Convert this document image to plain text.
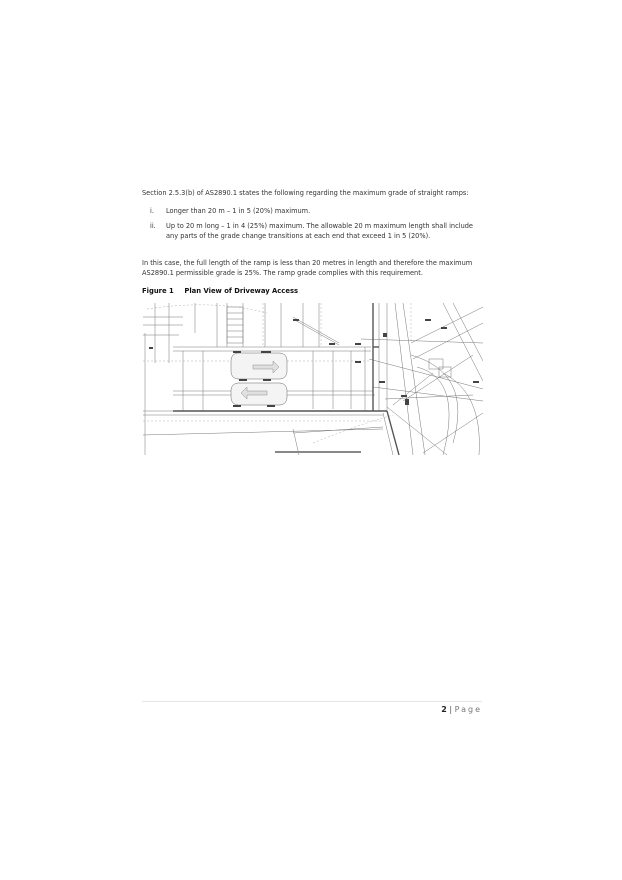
Section 2.5.3(b) of AS2890.1 states the following regarding the maximum grade of straight ramps:
i. Longer than 20 m – 1 in 5 (20%) maximum.
ii. Up to 20 m long – 1 in 4 (25%) maximum. The allowable 20 m maximum length shall include any parts of the grade change transitions at each end that exceed 1 in 5 (20%).
In this case, the full length of the ramp is less than 20 metres in length and therefore the maximum AS2890.1 permissible grade is 25%. The ramp grade complies with this requirement.
Figure 1 Plan View of Driveway Access
2 | Page
